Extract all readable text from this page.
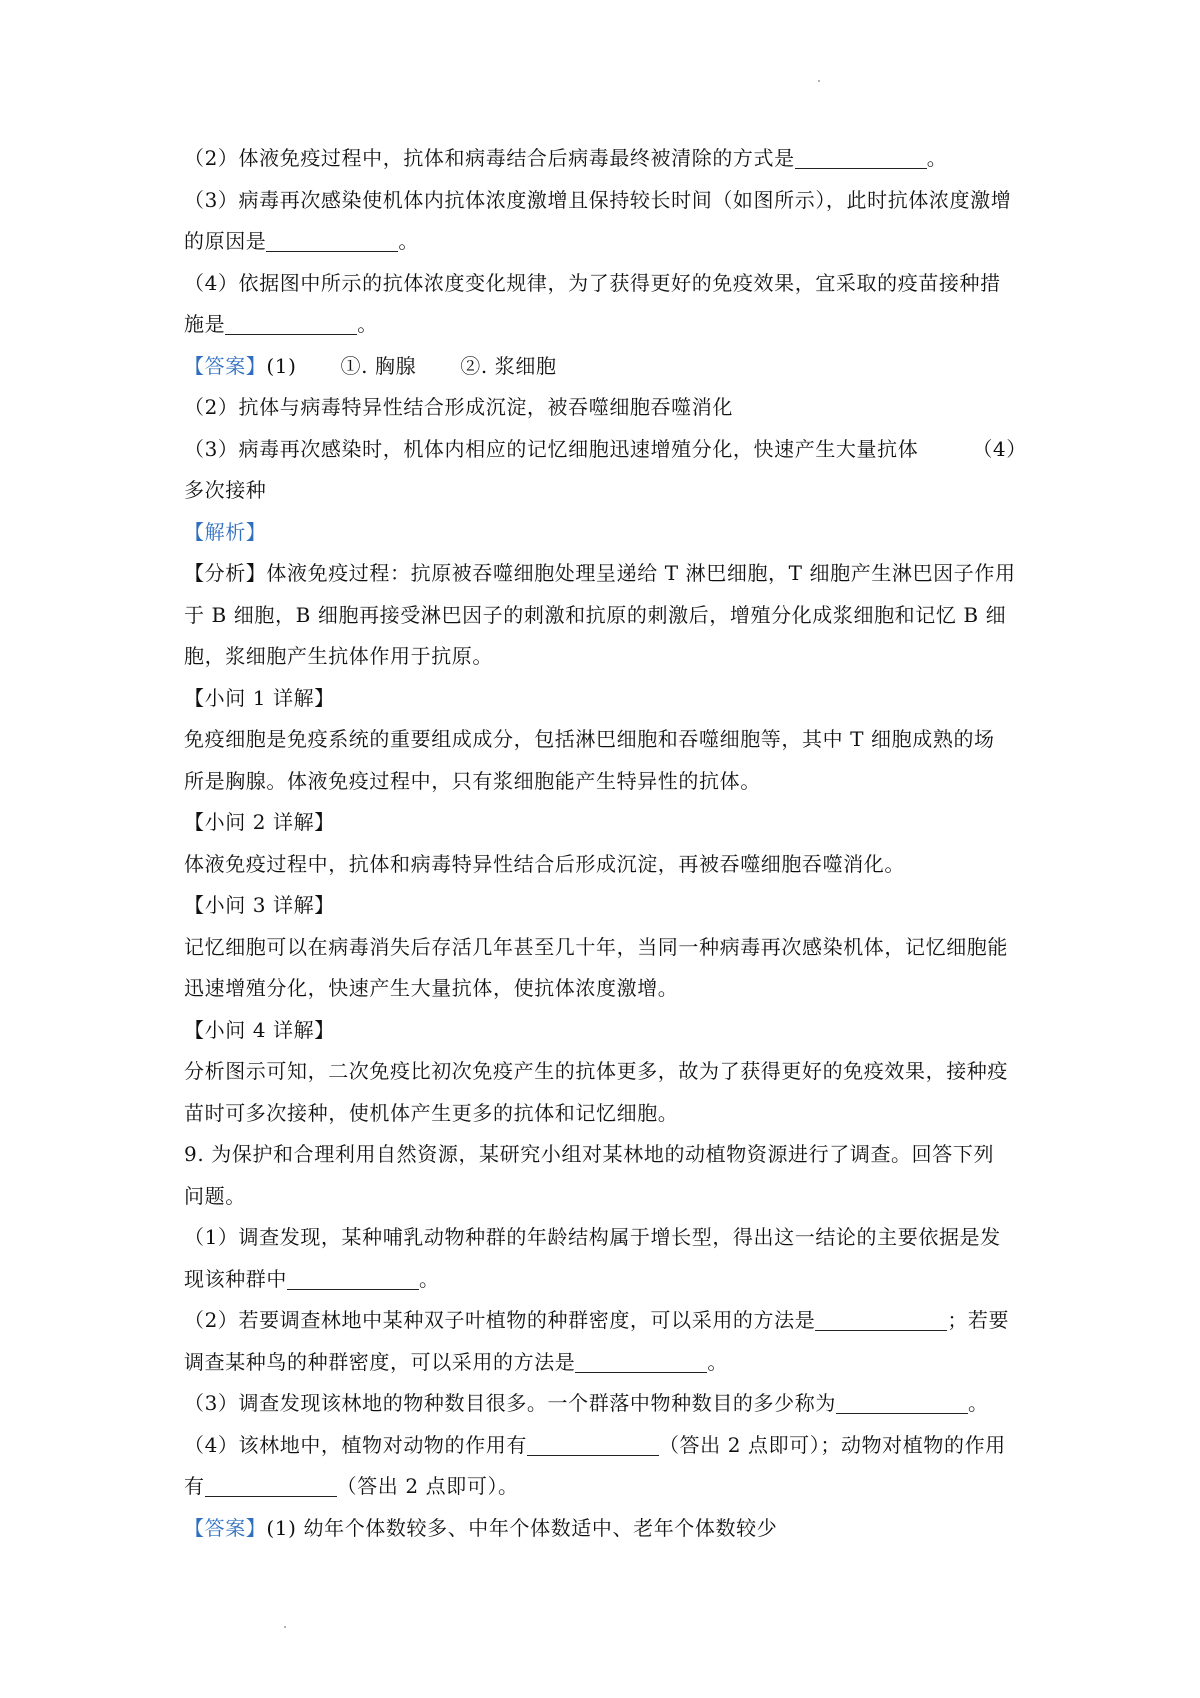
（2）体液免疫过程中，抗体和病毒结合后病毒最终被清除的方式是	。
（3）病毒再次感染使机体内抗体浓度激增且保持较长时间（如图所示），此时抗体浓度激增
的原因是	。
（4）依据图中所示的抗体浓度变化规律，为了获得更好的免疫效果，宜采取的疫苗接种措
施是	。
【答案】(1) ①. 胸腺 ②. 浆细胞
（2）抗体与病毒特异性结合形成沉淀，被吞噬细胞吞噬消化
（3）病毒再次感染时，机体内相应的记忆细胞迅速增殖分化，快速产生大量抗体	（4）
多次接种
【解析】
【分析】体液免疫过程：抗原被吞噬细胞处理呈递给 T 淋巴细胞，T 细胞产生淋巴因子作用
于 B 细胞，B 细胞再接受淋巴因子的刺激和抗原的刺激后，增殖分化成浆细胞和记忆 B 细
胞，浆细胞产生抗体作用于抗原。
【小问 1 详解】
免疫细胞是免疫系统的重要组成成分，包括淋巴细胞和吞噬细胞等，其中 T 细胞成熟的场
所是胸腺。体液免疫过程中，只有浆细胞能产生特异性的抗体。
【小问 2 详解】
体液免疫过程中，抗体和病毒特异性结合后形成沉淀，再被吞噬细胞吞噬消化。
【小问 3 详解】
记忆细胞可以在病毒消失后存活几年甚至几十年，当同一种病毒再次感染机体，记忆细胞能
迅速增殖分化，快速产生大量抗体，使抗体浓度激增。
【小问 4 详解】
分析图示可知，二次免疫比初次免疫产生的抗体更多，故为了获得更好的免疫效果，接种疫
苗时可多次接种，使机体产生更多的抗体和记忆细胞。
9. 为保护和合理利用自然资源，某研究小组对某林地的动植物资源进行了调查。回答下列
问题。
（1）调查发现，某种哺乳动物种群的年龄结构属于增长型，得出这一结论的主要依据是发
现该种群中	。
（2）若要调查林地中某种双子叶植物的种群密度，可以采用的方法是	；若要
调查某种鸟的种群密度，可以采用的方法是	。
（3）调查发现该林地的物种数目很多。一个群落中物种数目的多少称为	。
（4）该林地中，植物对动物的作用有	（答出 2 点即可）；动物对植物的作用
有	（答出 2 点即可）。
【答案】(1) 幼年个体数较多、中年个体数适中、老年个体数较少
